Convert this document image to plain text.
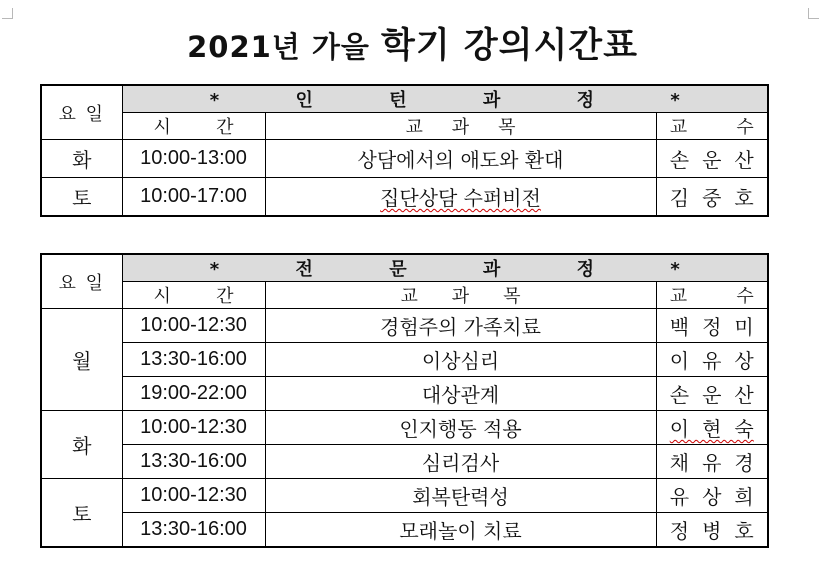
2021년 가을 학기 강의시간표
요 일	* 인 턴 과 정 *		
	시 간	교 과 목	교 수
화	10:00-13:00	상담에서의 애도와 환대	손 운 산
토	10:00-17:00	집단상담 수퍼비전	김 중 호
요 일	* 전 문 과 정 *		
	시 간	교 과 목	교 수
월	10:00-12:30	경험주의 가족치료	백 정 미
	13:30-16:00	이상심리	이 유 상
	19:00-22:00	대상관계	손 운 산
화	10:00-12:30	인지행동 적용	이 현 숙
	13:30-16:00	심리검사	채 유 경
토	10:00-12:30	회복탄력성	유 상 희
	13:30-16:00	모래놀이 치료	정 병 호
